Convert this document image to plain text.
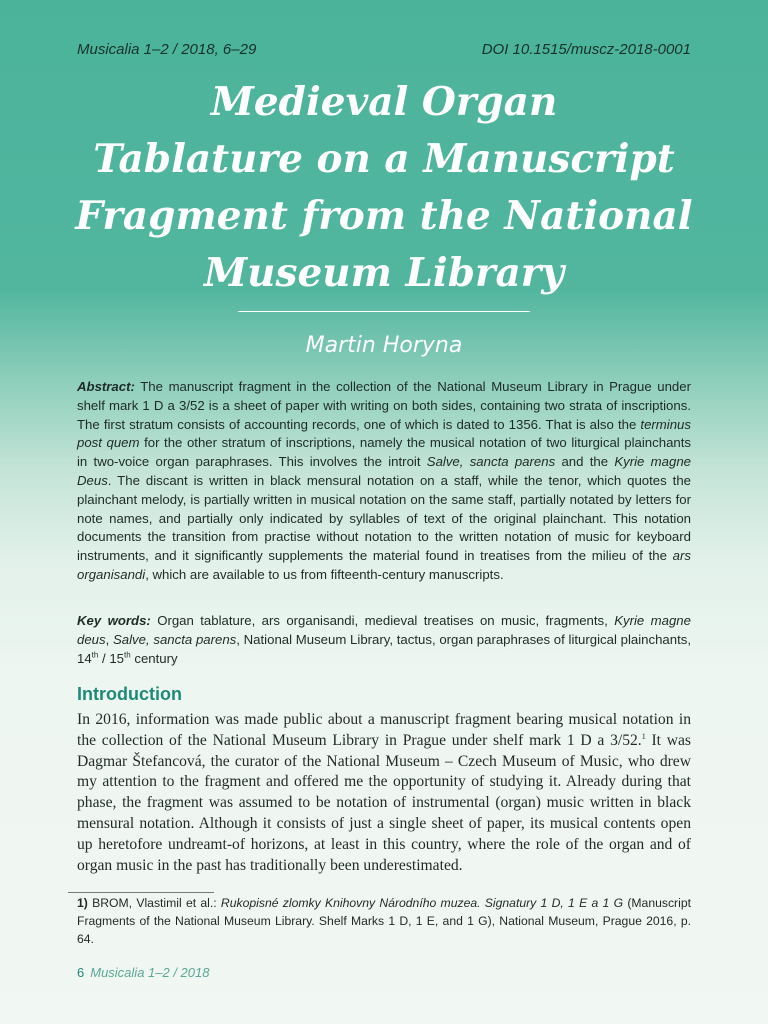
Musicalia 1–2 / 2018, 6–29	DOI 10.1515/muscz-2018-0001
Medieval Organ
Tablature on a Manuscript
Fragment from the National
Museum Library
Martin Horyna

Abstract: The manuscript fragment in the collection of the National Museum Library in Prague under shelf mark 1 D a 3/52 is a sheet of paper with writing on both sides, containing two strata of inscriptions. The first stratum consists of accounting records, one of which is dated to 1356. That is also the terminus post quem for the other stratum of inscriptions, namely the musical notation of two liturgical plainchants in two-voice organ paraphrases. This involves the introit Salve, sancta parens and the Kyrie magne Deus. The discant is written in black mensural notation on a staff, while the tenor, which quotes the plainchant melody, is partially written in musical notation on the same staff, partially notated by letters for note names, and partially only indicated by syllables of text of the original plainchant. This notation documents the transition from practise without notation to the written notation of music for keyboard instruments, and it significantly supplements the material found in treatises from the milieu of the ars organisandi, which are available to us from fifteenth-century manuscripts.

Key words: Organ tablature, ars organisandi, medieval treatises on music, fragments, Kyrie magne deus, Salve, sancta parens, National Museum Library, tactus, organ paraphrases of liturgical plainchants, 14th / 15th century

Introduction

In 2016, information was made public about a manuscript fragment bearing musical notation in the collection of the National Museum Library in Prague under shelf mark 1 D a 3/52.$^1$ It was Dagmar Štefancová, the curator of the National Museum – Czech Museum of Music, who drew my attention to the fragment and offered me the opportunity of studying it. Already during that phase, the fragment was assumed to be notation of instrumental (organ) music written in black mensural notation. Although it consists of just a single sheet of paper, its musical contents open up heretofore undreamt-of horizons, at least in this country, where the role of the organ and of organ music in the past has traditionally been underestimated.

1) BROM, Vlastimil et al.: Rukopisné zlomky Knihovny Národního muzea. Signatury 1 D, 1 E a 1 G (Manuscript Fragments of the National Museum Library. Shelf Marks 1 D, 1 E, and 1 G), National Museum, Prague 2016, p. 64.

6 Musicalia 1–2 / 2018
